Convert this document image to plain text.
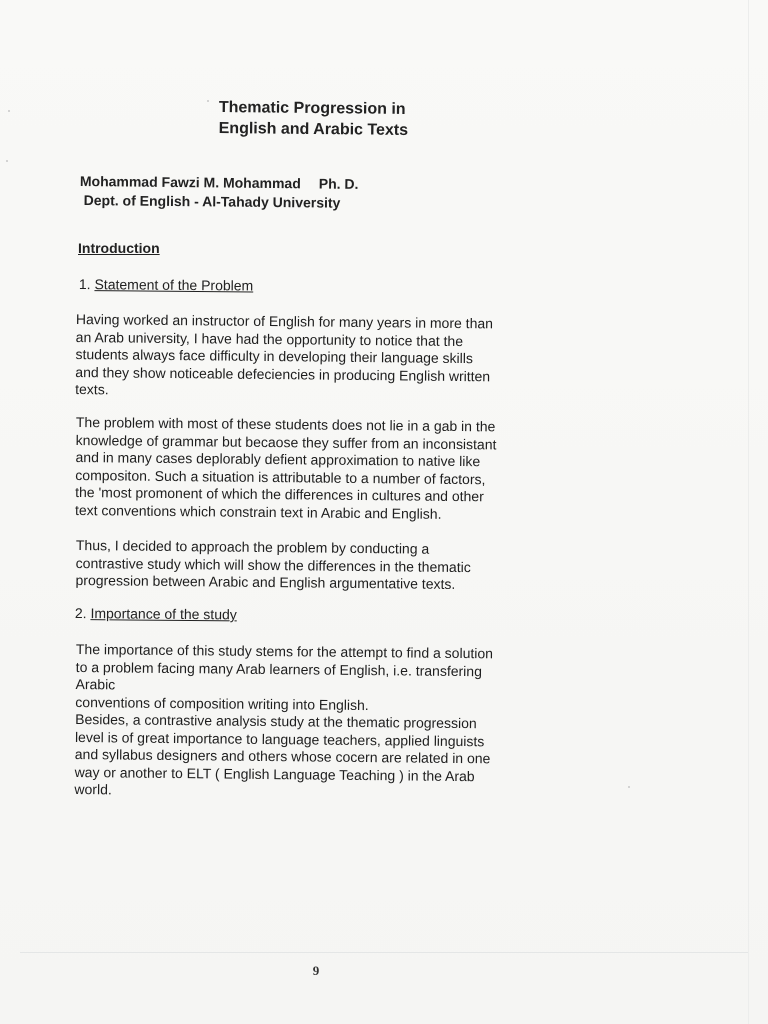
Thematic Progression in
English and Arabic Texts
Mohammad Fawzi M. Mohammad Ph. D.
Dept. of English - Al-Tahady University
Introduction
1. Statement of the Problem
Having worked an instructor of English for many years in more than
an Arab university, I have had the opportunity to notice that the
students always face difficulty in developing their language skills
and they show noticeable defeciencies in producing English written
texts.
The problem with most of these students does not lie in a gab in the
knowledge of grammar but becaose they suffer from an inconsistant
and in many cases deplorably defient approximation to native like
compositon. Such a situation is attributable to a number of factors,
the 'most promonent of which the differences in cultures and other
text conventions which constrain text in Arabic and English.
Thus, I decided to approach the problem by conducting a
contrastive study which will show the differences in the thematic
progression between Arabic and English argumentative texts.
2. Importance of the study
The importance of this study stems for the attempt to find a solution
to a problem facing many Arab learners of English, i.e. transfering
Arabic
conventions of composition writing into English.
Besides, a contrastive analysis study at the thematic progression
level is of great importance to language teachers, applied linguists
and syllabus designers and others whose cocern are related in one
way or another to ELT ( English Language Teaching ) in the Arab
world.
9
